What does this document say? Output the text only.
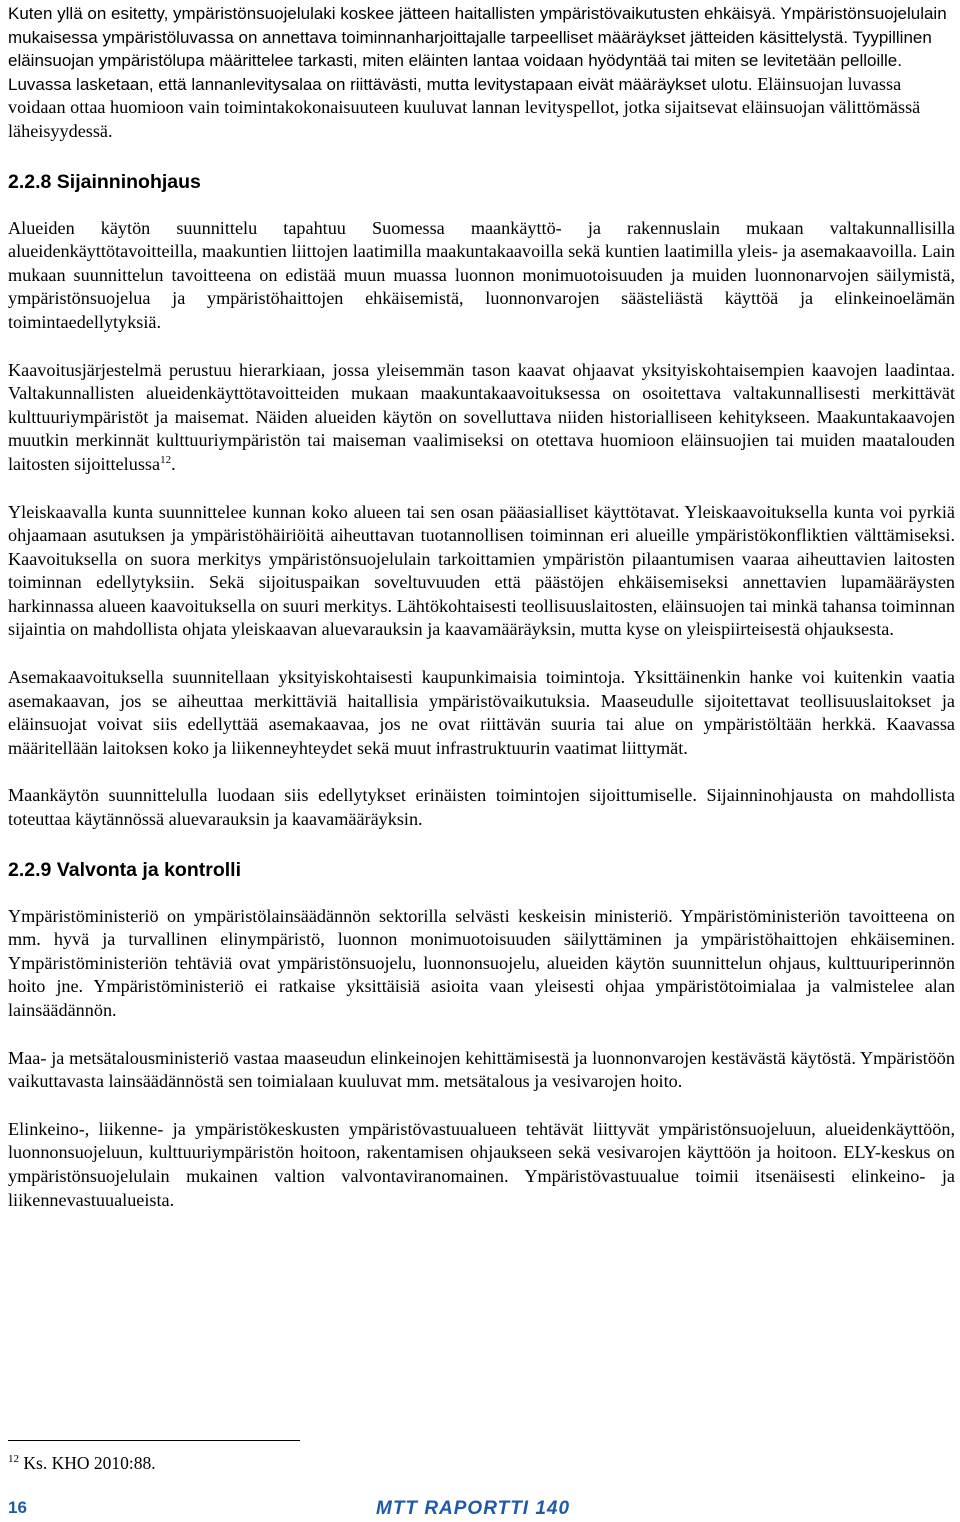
Kuten yllä on esitetty, ympäristönsuojelulaki koskee jätteen haitallisten ympäristövaikutusten ehkäisyä. Ympäristönsuojelulain mukaisessa ympäristöluvassa on annettava toiminnanharjoittajalle tarpeelliset määräykset jätteiden käsittelystä. Tyypillinen eläinsuojan ympäristölupa määrittelee tarkasti, miten eläinten lantaa voidaan hyödyntää tai miten se levitetään pelloille. Luvassa lasketaan, että lannanlevitysalaa on riittävästi, mutta levitystapaan eivät määräykset ulotu. Eläinsuojan luvassa voidaan ottaa huomioon vain toimintakokonaisuuteen kuuluvat lannan levityspellot, jotka sijaitsevat eläinsuojan välittömässä läheisyydessä.

2.2.8 Sijainninohjaus

Alueiden käytön suunnittelu tapahtuu Suomessa maankäyttö- ja rakennuslain mukaan valtakunnallisilla alueidenkäyttötavoitteilla, maakuntien liittojen laatimilla maakuntakaavoilla sekä kuntien laatimilla yleis- ja asemakaavoilla. Lain mukaan suunnittelun tavoitteena on edistää muun muassa luonnon monimuotoisuuden ja muiden luonnonarvojen säilymistä, ympäristönsuojelua ja ympäristöhaittojen ehkäisemistä, luonnonvarojen säästeliästä käyttöä ja elinkeinoelämän toimintaedellytyksiä.

Kaavoitusjärjestelmä perustuu hierarkiaan, jossa yleisemmän tason kaavat ohjaavat yksityiskohtaisempien kaavojen laadintaa. Valtakunnallisten alueidenkäyttötavoitteiden mukaan maakuntakaavoituksessa on osoitettava valtakunnallisesti merkittävät kulttuuriympäristöt ja maisemat. Näiden alueiden käytön on sovelluttava niiden historialliseen kehitykseen. Maakuntakaavojen muutkin merkinnät kulttuuriympäristön tai maiseman vaalimiseksi on otettava huomioon eläinsuojien tai muiden maatalouden laitosten sijoittelussa$^{12}$.

Yleiskaavalla kunta suunnittelee kunnan koko alueen tai sen osan pääasialliset käyttötavat. Yleiskaavoituksella kunta voi pyrkiä ohjaamaan asutuksen ja ympäristöhäiriöitä aiheuttavan tuotannollisen toiminnan eri alueille ympäristökonfliktien välttämiseksi. Kaavoituksella on suora merkitys ympäristönsuojelulain tarkoittamien ympäristön pilaantumisen vaaraa aiheuttavien laitosten toiminnan edellytyksiin. Sekä sijoituspaikan soveltuvuuden että päästöjen ehkäisemiseksi annettavien lupamääräysten harkinnassa alueen kaavoituksella on suuri merkitys. Lähtökohtaisesti teollisuuslaitosten, eläinsuojen tai minkä tahansa toiminnan sijaintia on mahdollista ohjata yleiskaavan aluevarauksin ja kaavamääräyksin, mutta kyse on yleispiirteisestä ohjauksesta.

Asemakaavoituksella suunnitellaan yksityiskohtaisesti kaupunkimaisia toimintoja. Yksittäinenkin hanke voi kuitenkin vaatia asemakaavan, jos se aiheuttaa merkittäviä haitallisia ympäristövaikutuksia. Maaseudulle sijoitettavat teollisuuslaitokset ja eläinsuojat voivat siis edellyttää asemakaavaa, jos ne ovat riittävän suuria tai alue on ympäristöltään herkkä. Kaavassa määritellään laitoksen koko ja liikenneyhteydet sekä muut infrastruktuurin vaatimat liittymät.

Maankäytön suunnittelulla luodaan siis edellytykset erinäisten toimintojen sijoittumiselle. Sijainninohjausta on mahdollista toteuttaa käytännössä aluevarauksin ja kaavamääräyksin.

2.2.9 Valvonta ja kontrolli

Ympäristöministeriö on ympäristölainsäädännön sektorilla selvästi keskeisin ministeriö. Ympäristöministeriön tavoitteena on mm. hyvä ja turvallinen elinympäristö, luonnon monimuotoisuuden säilyttäminen ja ympäristöhaittojen ehkäiseminen. Ympäristöministeriön tehtäviä ovat ympäristönsuojelu, luonnonsuojelu, alueiden käytön suunnittelun ohjaus, kulttuuriperinnön hoito jne. Ympäristöministeriö ei ratkaise yksittäisiä asioita vaan yleisesti ohjaa ympäristötoimialaa ja valmistelee alan lainsäädännön.

Maa- ja metsätalousministeriö vastaa maaseudun elinkeinojen kehittämisestä ja luonnonvarojen kestävästä käytöstä. Ympäristöön vaikuttavasta lainsäädännöstä sen toimialaan kuuluvat mm. metsätalous ja vesivarojen hoito.

Elinkeino-, liikenne- ja ympäristökeskusten ympäristövastuualueen tehtävät liittyvät ympäristönsuojeluun, alueidenkäyttöön, luonnonsuojeluun, kulttuuriympäristön hoitoon, rakentamisen ohjaukseen sekä vesivarojen käyttöön ja hoitoon. ELY-keskus on ympäristönsuojelulain mukainen valtion valvontaviranomainen. Ympäristövastuualue toimii itsenäisesti elinkeino- ja liikennevastuualueista.

$^{12}$ Ks. KHO 2010:88.
16	MTT RAPORTTI 140
